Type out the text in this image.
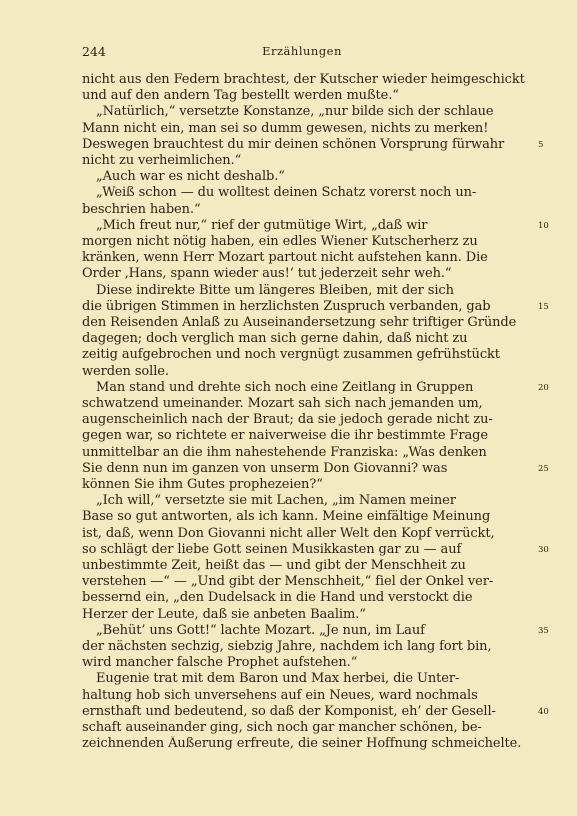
244	Erzählungen
nicht aus den Federn brachtest, der Kutscher wieder heimgeschickt
und auf den andern Tag bestellt werden mußte.“
„Natürlich,“ versetzte Konstanze, „nur bilde sich der schlaue
Mann nicht ein, man sei so dumm gewesen, nichts zu merken!
Deswegen brauchtest du mir deinen schönen Vorsprung fürwahr
nicht zu verheimlichen.“
„Auch war es nicht deshalb.“
„Weiß schon — du wolltest deinen Schatz vorerst noch un-
beschrien haben.“
„Mich freut nur,“ rief der gutmütige Wirt, „daß wir
morgen nicht nötig haben, ein edles Wiener Kutscherherz zu
kränken, wenn Herr Mozart partout nicht aufstehen kann. Die
Order ‚Hans, spann wieder aus!‘ tut jederzeit sehr weh.“
Diese indirekte Bitte um längeres Bleiben, mit der sich
die übrigen Stimmen in herzlichsten Zuspruch verbanden, gab
den Reisenden Anlaß zu Auseinandersetzung sehr triftiger Gründe
dagegen; doch verglich man sich gerne dahin, daß nicht zu
zeitig aufgebrochen und noch vergnügt zusammen gefrühstückt
werden solle.
Man stand und drehte sich noch eine Zeitlang in Gruppen
schwatzend umeinander. Mozart sah sich nach jemanden um,
augenscheinlich nach der Braut; da sie jedoch gerade nicht zu-
gegen war, so richtete er naiverweise die ihr bestimmte Frage
unmittelbar an die ihm nahestehende Franziska: „Was denken
Sie denn nun im ganzen von unserm Don Giovanni? was
können Sie ihm Gutes prophezeien?“
„Ich will,“ versetzte sie mit Lachen, „im Namen meiner
Base so gut antworten, als ich kann. Meine einfältige Meinung
ist, daß, wenn Don Giovanni nicht aller Welt den Kopf verrückt,
so schlägt der liebe Gott seinen Musikkasten gar zu — auf
unbestimmte Zeit, heißt das — und gibt der Menschheit zu
verstehen —“ — „Und gibt der Menschheit,“ fiel der Onkel ver-
bessernd ein, „den Dudelsack in die Hand und verstockt die
Herzer der Leute, daß sie anbeten Baalim.“
„Behüt’ uns Gott!“ lachte Mozart. „Je nun, im Lauf
der nächsten sechzig, siebzig Jahre, nachdem ich lang fort bin,
wird mancher falsche Prophet aufstehen.“
Eugenie trat mit dem Baron und Max herbei, die Unter-
haltung hob sich unversehens auf ein Neues, ward nochmals
ernsthaft und bedeutend, so daß der Komponist, eh’ der Gesell-
schaft auseinander ging, sich noch gar mancher schönen, be-
zeichnenden Äußerung erfreute, die seiner Hoffnung schmeichelte.
5
10
15
20
25
30
35
40
